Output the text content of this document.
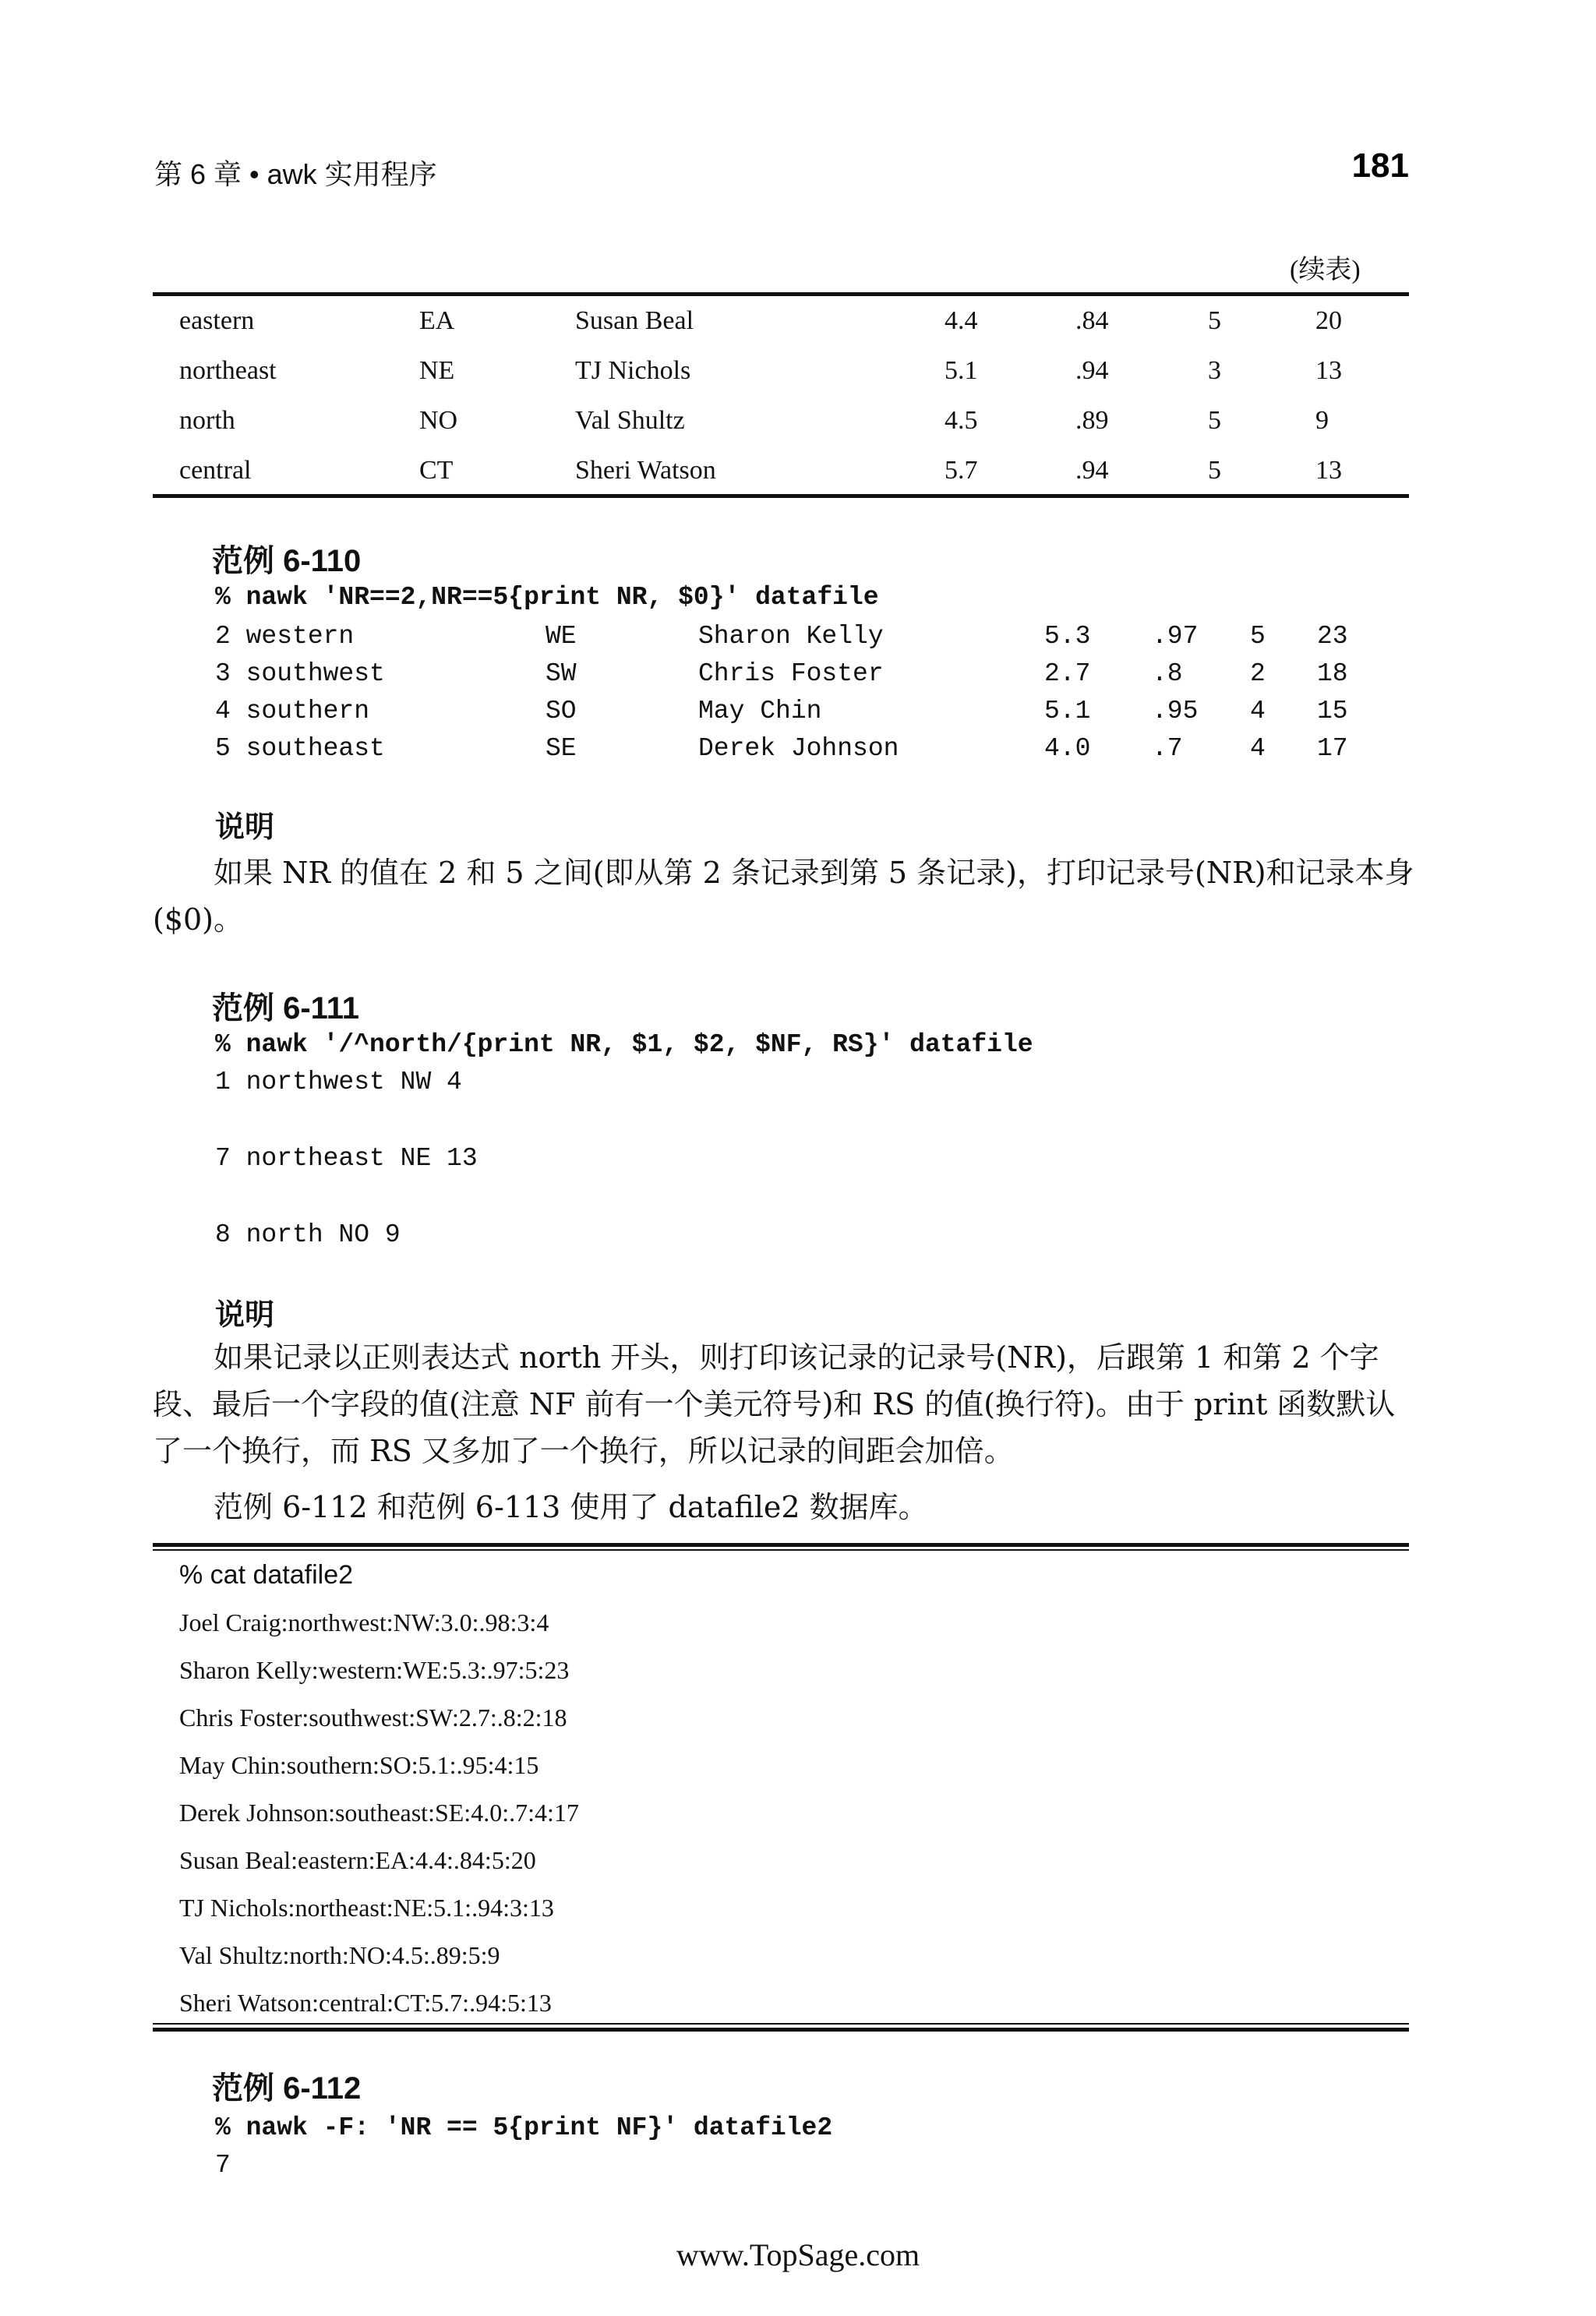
第 6 章 • awk 实用程序	181
(续表)
eastern	EA	Susan Beal	4.4	.84	5	20
northeast	NE	TJ Nichols	5.1	.94	3	13
north	NO	Val Shultz	4.5	.89	5	9
central	CT	Sheri Watson	5.7	.94	5	13
范例 6-110
% nawk 'NR==2,NR==5{print NR, $0}' datafile
2 western	WE	Sharon Kelly	5.3 .97 5 23
3 southwest	SW	Chris Foster	2.7 .8	2 18
4 southern	SO	May Chin	5.1 .95 4 15
5 southeast	SE	Derek Johnson	4.0 .7	4 17
说明
如果 NR 的值在 2 和 5 之间(即从第 2 条记录到第 5 条记录)，打印记录号(NR)和记录本身($0)。
范例 6-111
% nawk '/^north/{print NR, $1, $2, $NF, RS}' datafile
1 northwest NW 4
7 northeast NE 13
8 north NO 9
说明
如果记录以正则表达式 north 开头，则打印该记录的记录号(NR)，后跟第 1 和第 2 个字段、最后一个字段的值(注意 NF 前有一个美元符号)和 RS 的值(换行符)。由于 print 函数默认了一个换行，而 RS 又多加了一个换行，所以记录的间距会加倍。
范例 6-112 和范例 6-113 使用了 datafile2 数据库。
% cat datafile2
Joel Craig:northwest:NW:3.0:.98:3:4
Sharon Kelly:western:WE:5.3:.97:5:23
Chris Foster:southwest:SW:2.7:.8:2:18
May Chin:southern:SO:5.1:.95:4:15
Derek Johnson:southeast:SE:4.0:.7:4:17
Susan Beal:eastern:EA:4.4:.84:5:20
TJ Nichols:northeast:NE:5.1:.94:3:13
Val Shultz:north:NO:4.5:.89:5:9
Sheri Watson:central:CT:5.7:.94:5:13
范例 6-112
% nawk -F: 'NR == 5{print NF}' datafile2
7
www.TopSage.com
